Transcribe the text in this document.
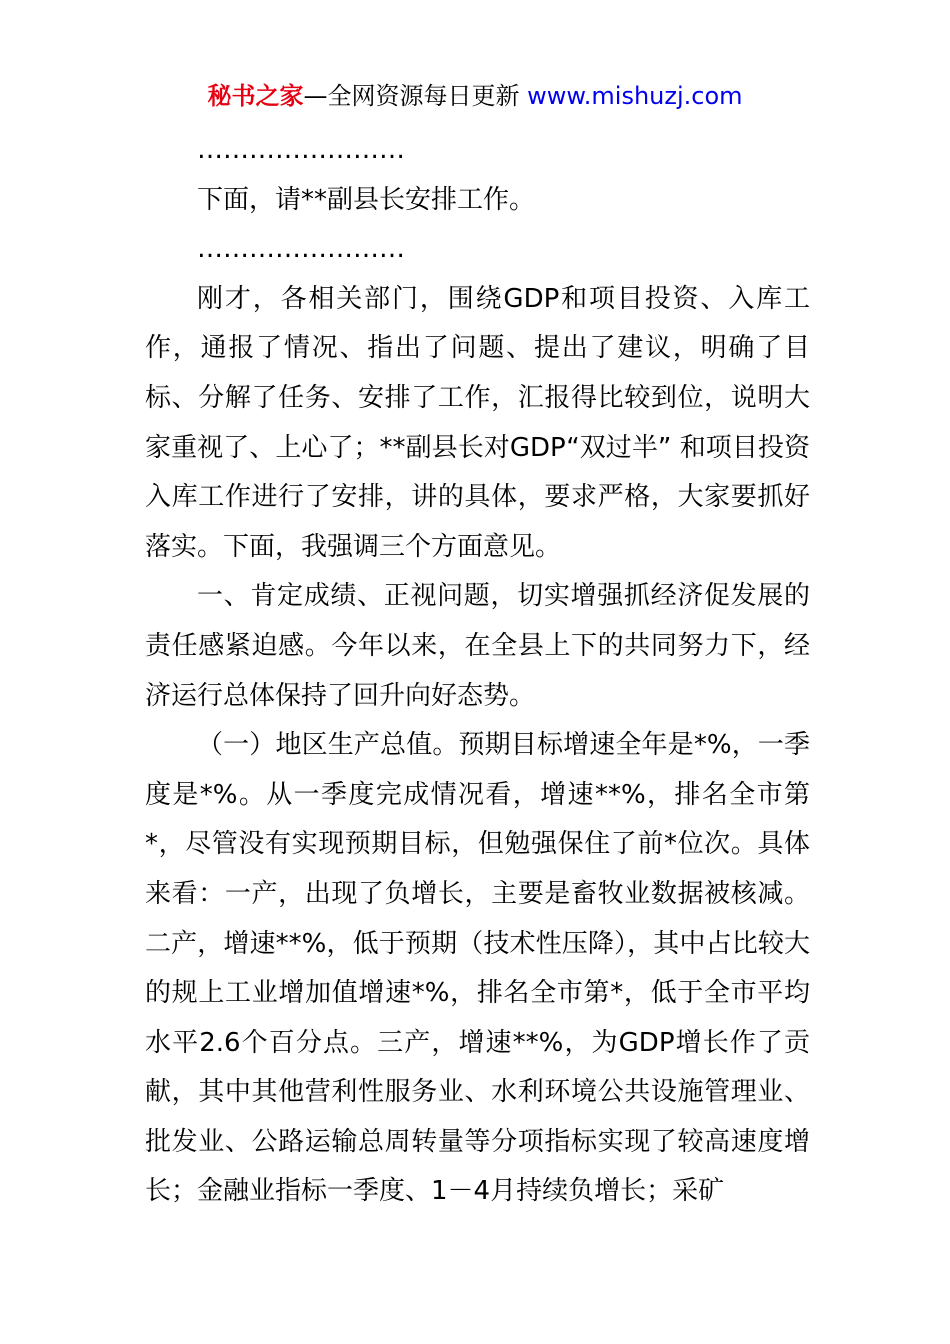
秘书之家—全网资源每日更新 www.mishuzj.com

……………………

下面，请**副县长安排工作。

……………………

刚才，各相关部门，围绕GDP和项目投资、入库工作，通报了情况、指出了问题、提出了建议，明确了目标、分解了任务、安排了工作，汇报得比较到位，说明大家重视了、上心了；**副县长对GDP“双过半” 和项目投资入库工作进行了安排，讲的具体，要求严格，大家要抓好落实。下面，我强调三个方面意见。

一、肯定成绩、正视问题，切实增强抓经济促发展的责任感紧迫感。今年以来，在全县上下的共同努力下，经济运行总体保持了回升向好态势。

（一）地区生产总值。预期目标增速全年是*%，一季度是*%。从一季度完成情况看，增速**%，排名全市第*，尽管没有实现预期目标，但勉强保住了前*位次。具体来看：一产，出现了负增长，主要是畜牧业数据被核减。二产，增速**%，低于预期（技术性压降），其中占比较大的规上工业增加值增速*%，排名全市第*，低于全市平均水平2.6个百分点。三产，增速**%，为GDP增长作了贡献，其中其他营利性服务业、水利环境公共设施管理业、批发业、公路运输总周转量等分项指标实现了较高速度增长；金融业指标一季度、1－4月持续负增长；采矿
